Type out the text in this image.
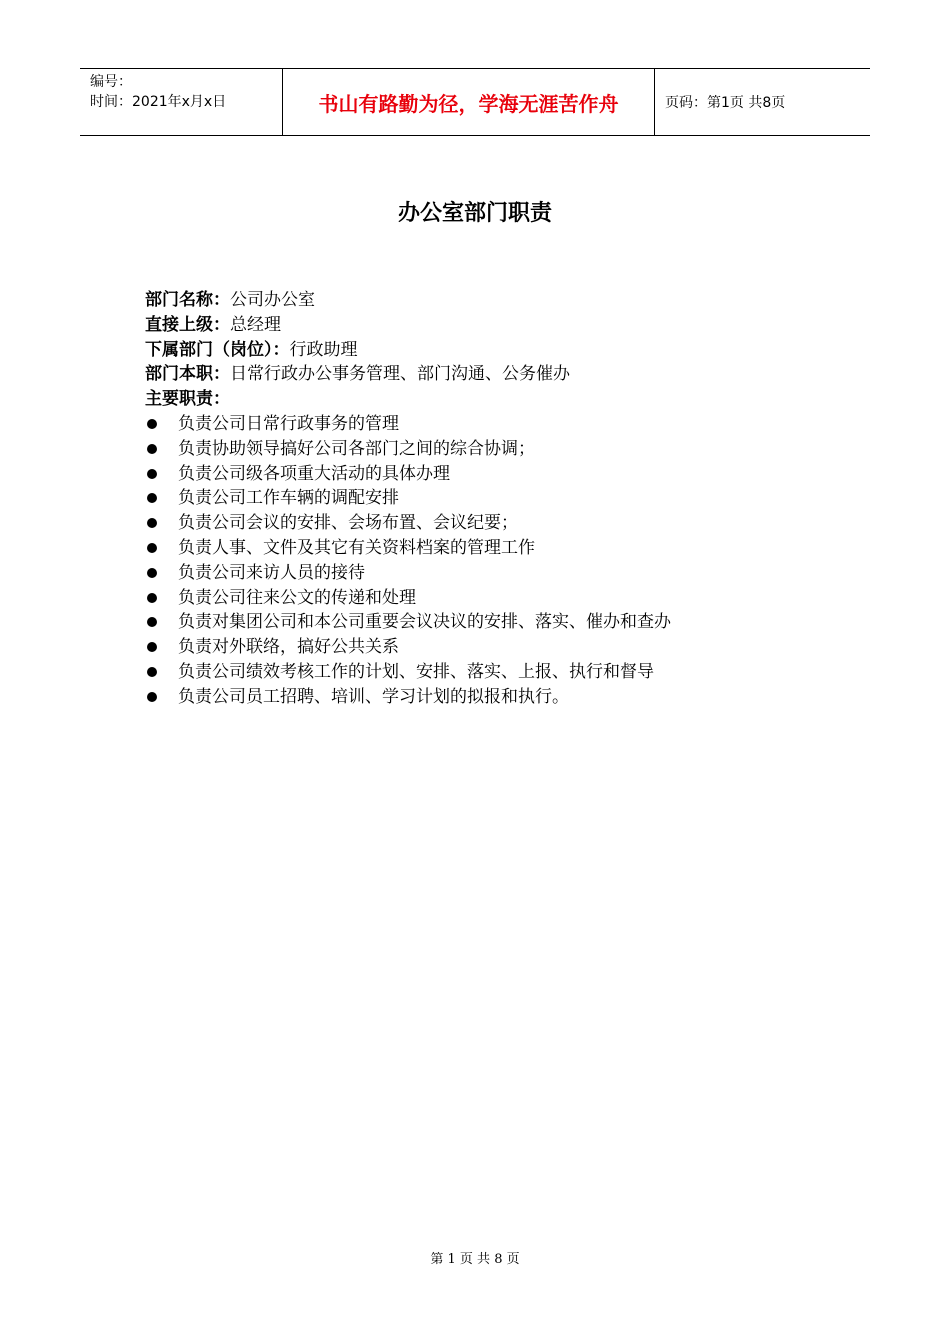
编号：
时间：2021年x月x日	书山有路勤为径，学海无涯苦作舟	页码：第1页 共8页
办公室部门职责
部门名称：公司办公室
直接上级：总经理
下属部门（岗位）：行政助理
部门本职：日常行政办公事务管理、部门沟通、公务催办
主要职责：
负责公司日常行政事务的管理
负责协助领导搞好公司各部门之间的综合协调；
负责公司级各项重大活动的具体办理
负责公司工作车辆的调配安排
负责公司会议的安排、会场布置、会议纪要；
负责人事、文件及其它有关资料档案的管理工作
负责公司来访人员的接待
负责公司往来公文的传递和处理
负责对集团公司和本公司重要会议决议的安排、落实、催办和查办
负责对外联络，搞好公共关系
负责公司绩效考核工作的计划、安排、落实、上报、执行和督导
负责公司员工招聘、培训、学习计划的拟报和执行。
第 1 页 共 8 页
